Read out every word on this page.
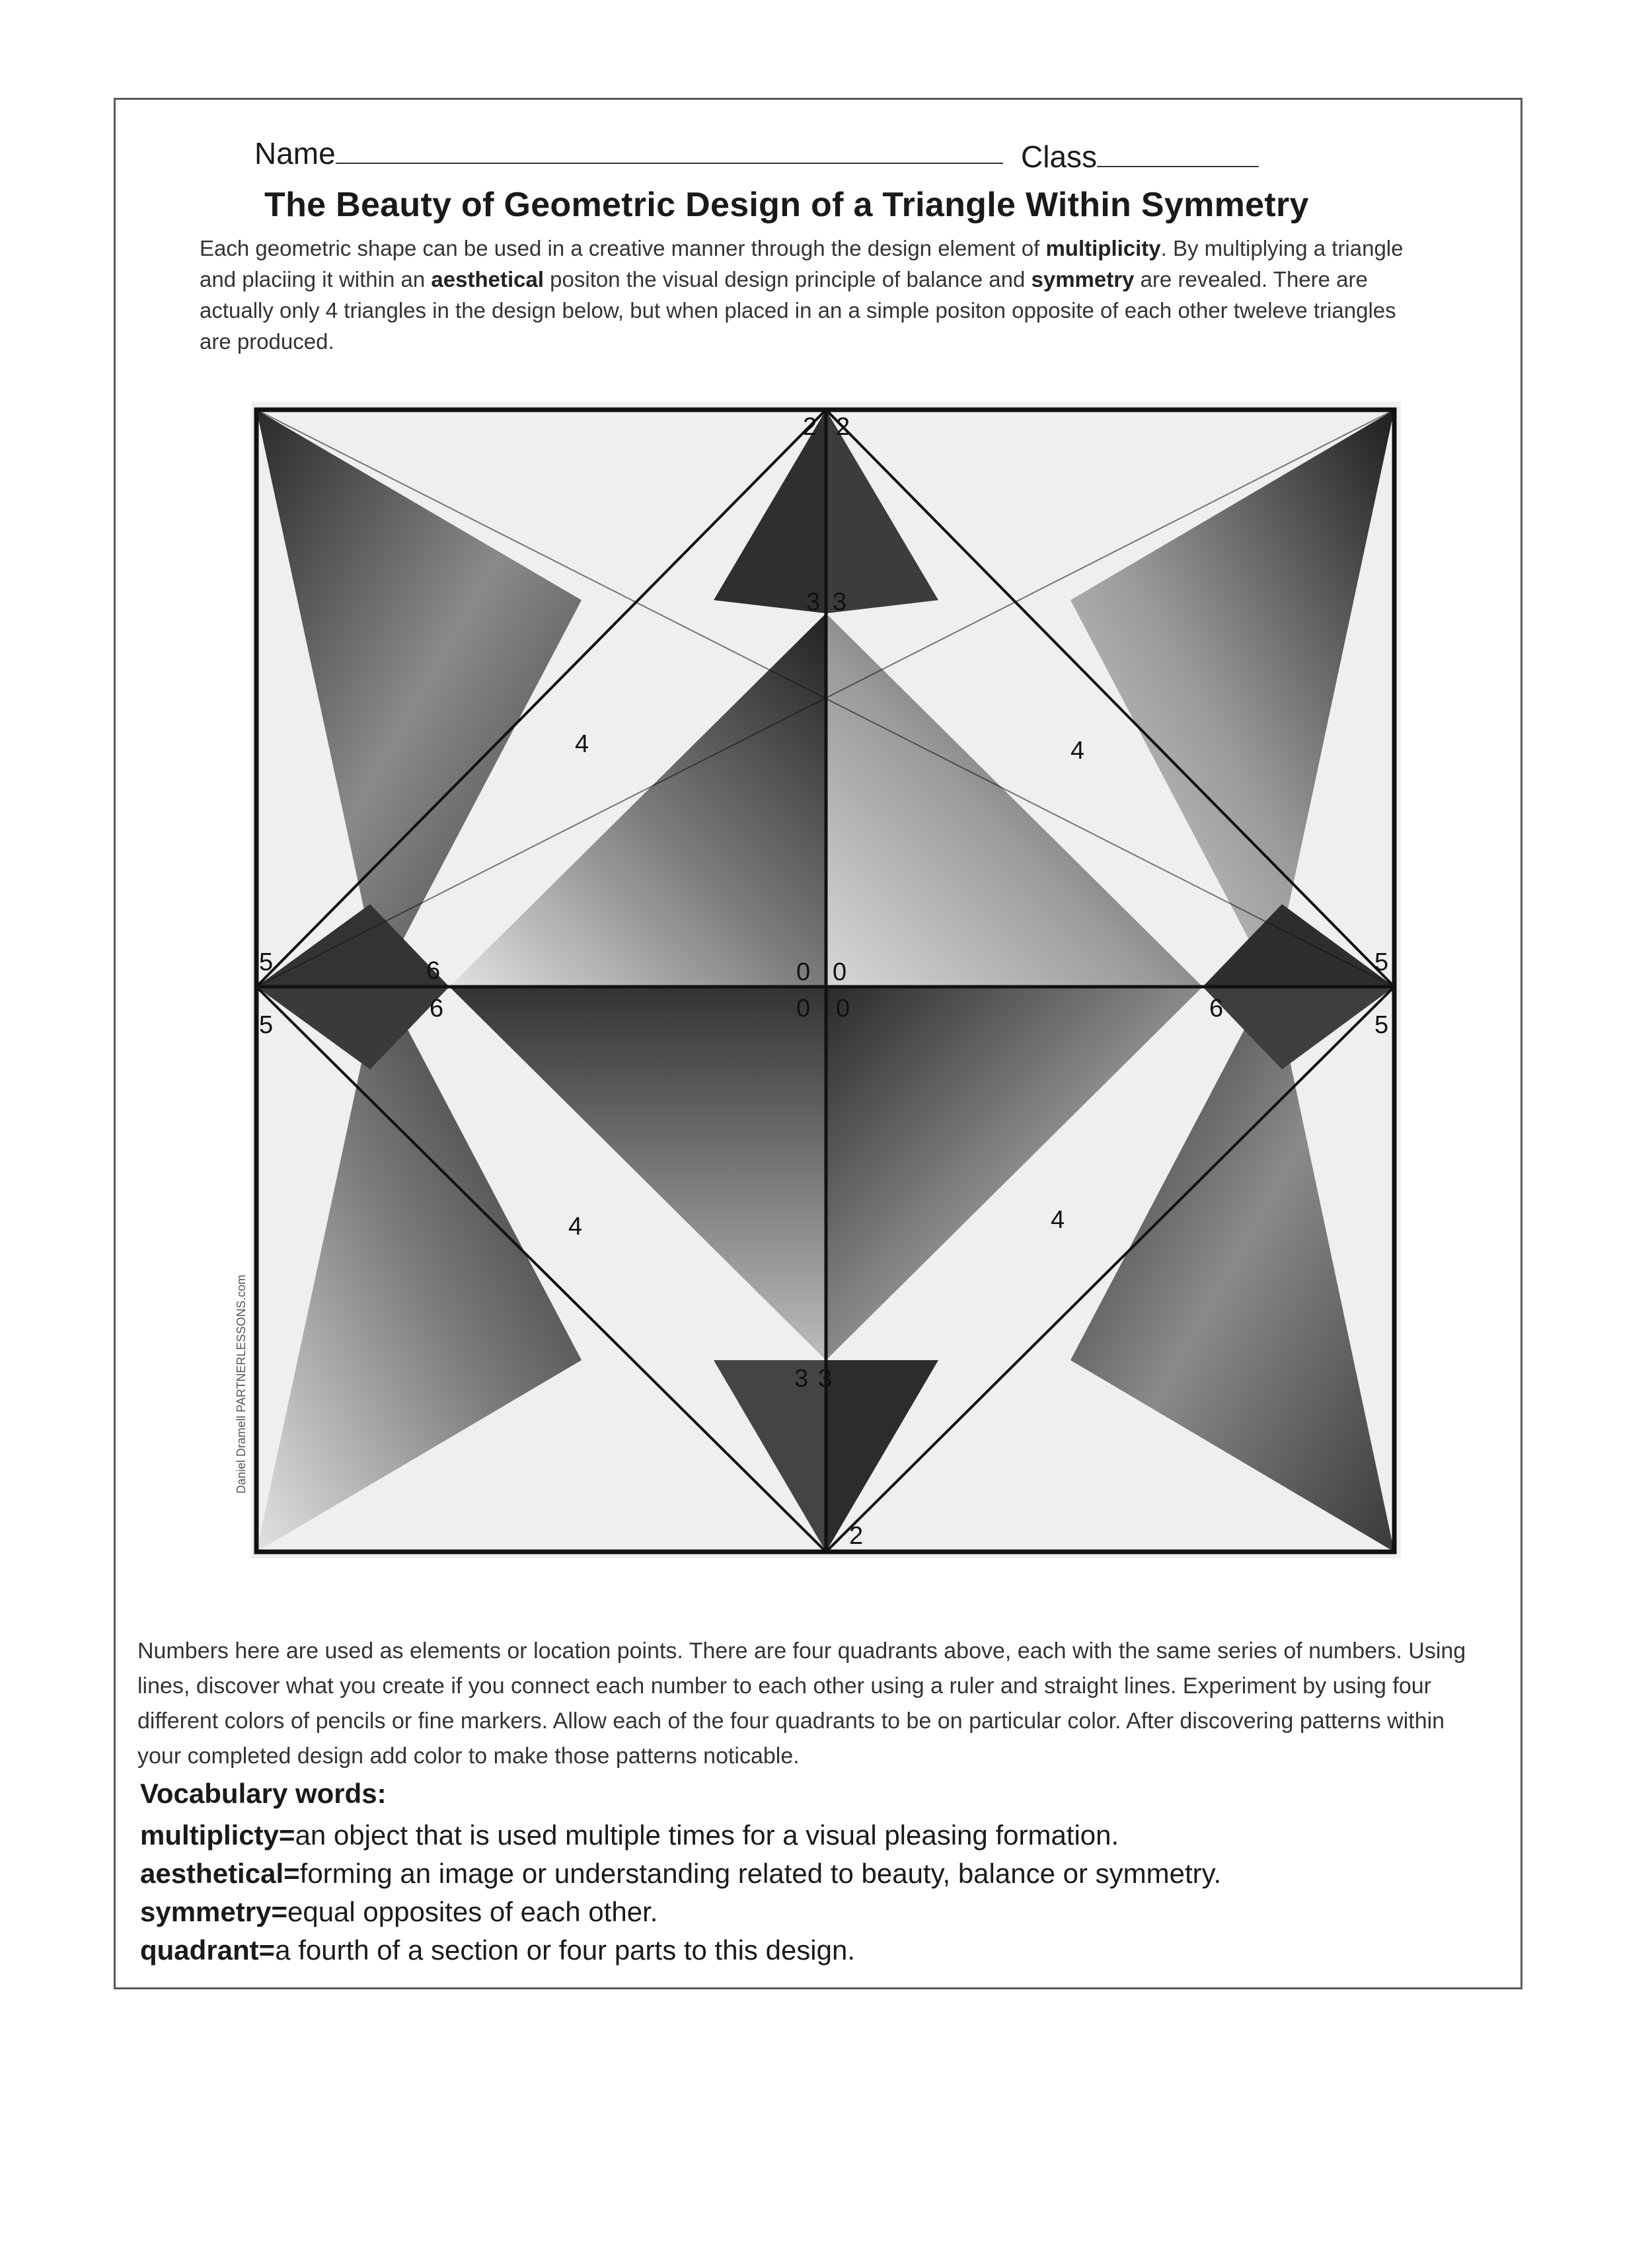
Name	Class
The Beauty of Geometric Design of a Triangle Within Symmetry
Each geometric shape can be used in a creative manner through the design element of multiplicity. By multiplying a triangle and placiing it within an aesthetical positon the visual design principle of balance and symmetry are revealed. There are actually only 4 triangles in the design below, but when placed in an a simple positon opposite of each other tweleve triangles are produced.
2 2
3 3
4	4
5	5
5	5
6
6	6
0 0
0 0
4	4
3 3
2
Daniel Dramell PARTNERLESSONS.com
Numbers here are used as elements or location points. There are four quadrants above, each with the same series of numbers. Using lines, discover what you create if you connect each number to each other using a ruler and straight lines. Experiment by using four different colors of pencils or fine markers. Allow each of the four quadrants to be on particular color. After discovering patterns within your completed design add color to make those patterns noticable.
Vocabulary words:
multiplicty=an object that is used multiple times for a visual pleasing formation.
aesthetical=forming an image or understanding related to beauty, balance or symmetry.
symmetry=equal opposites of each other.
quadrant=a fourth of a section or four parts to this design.
